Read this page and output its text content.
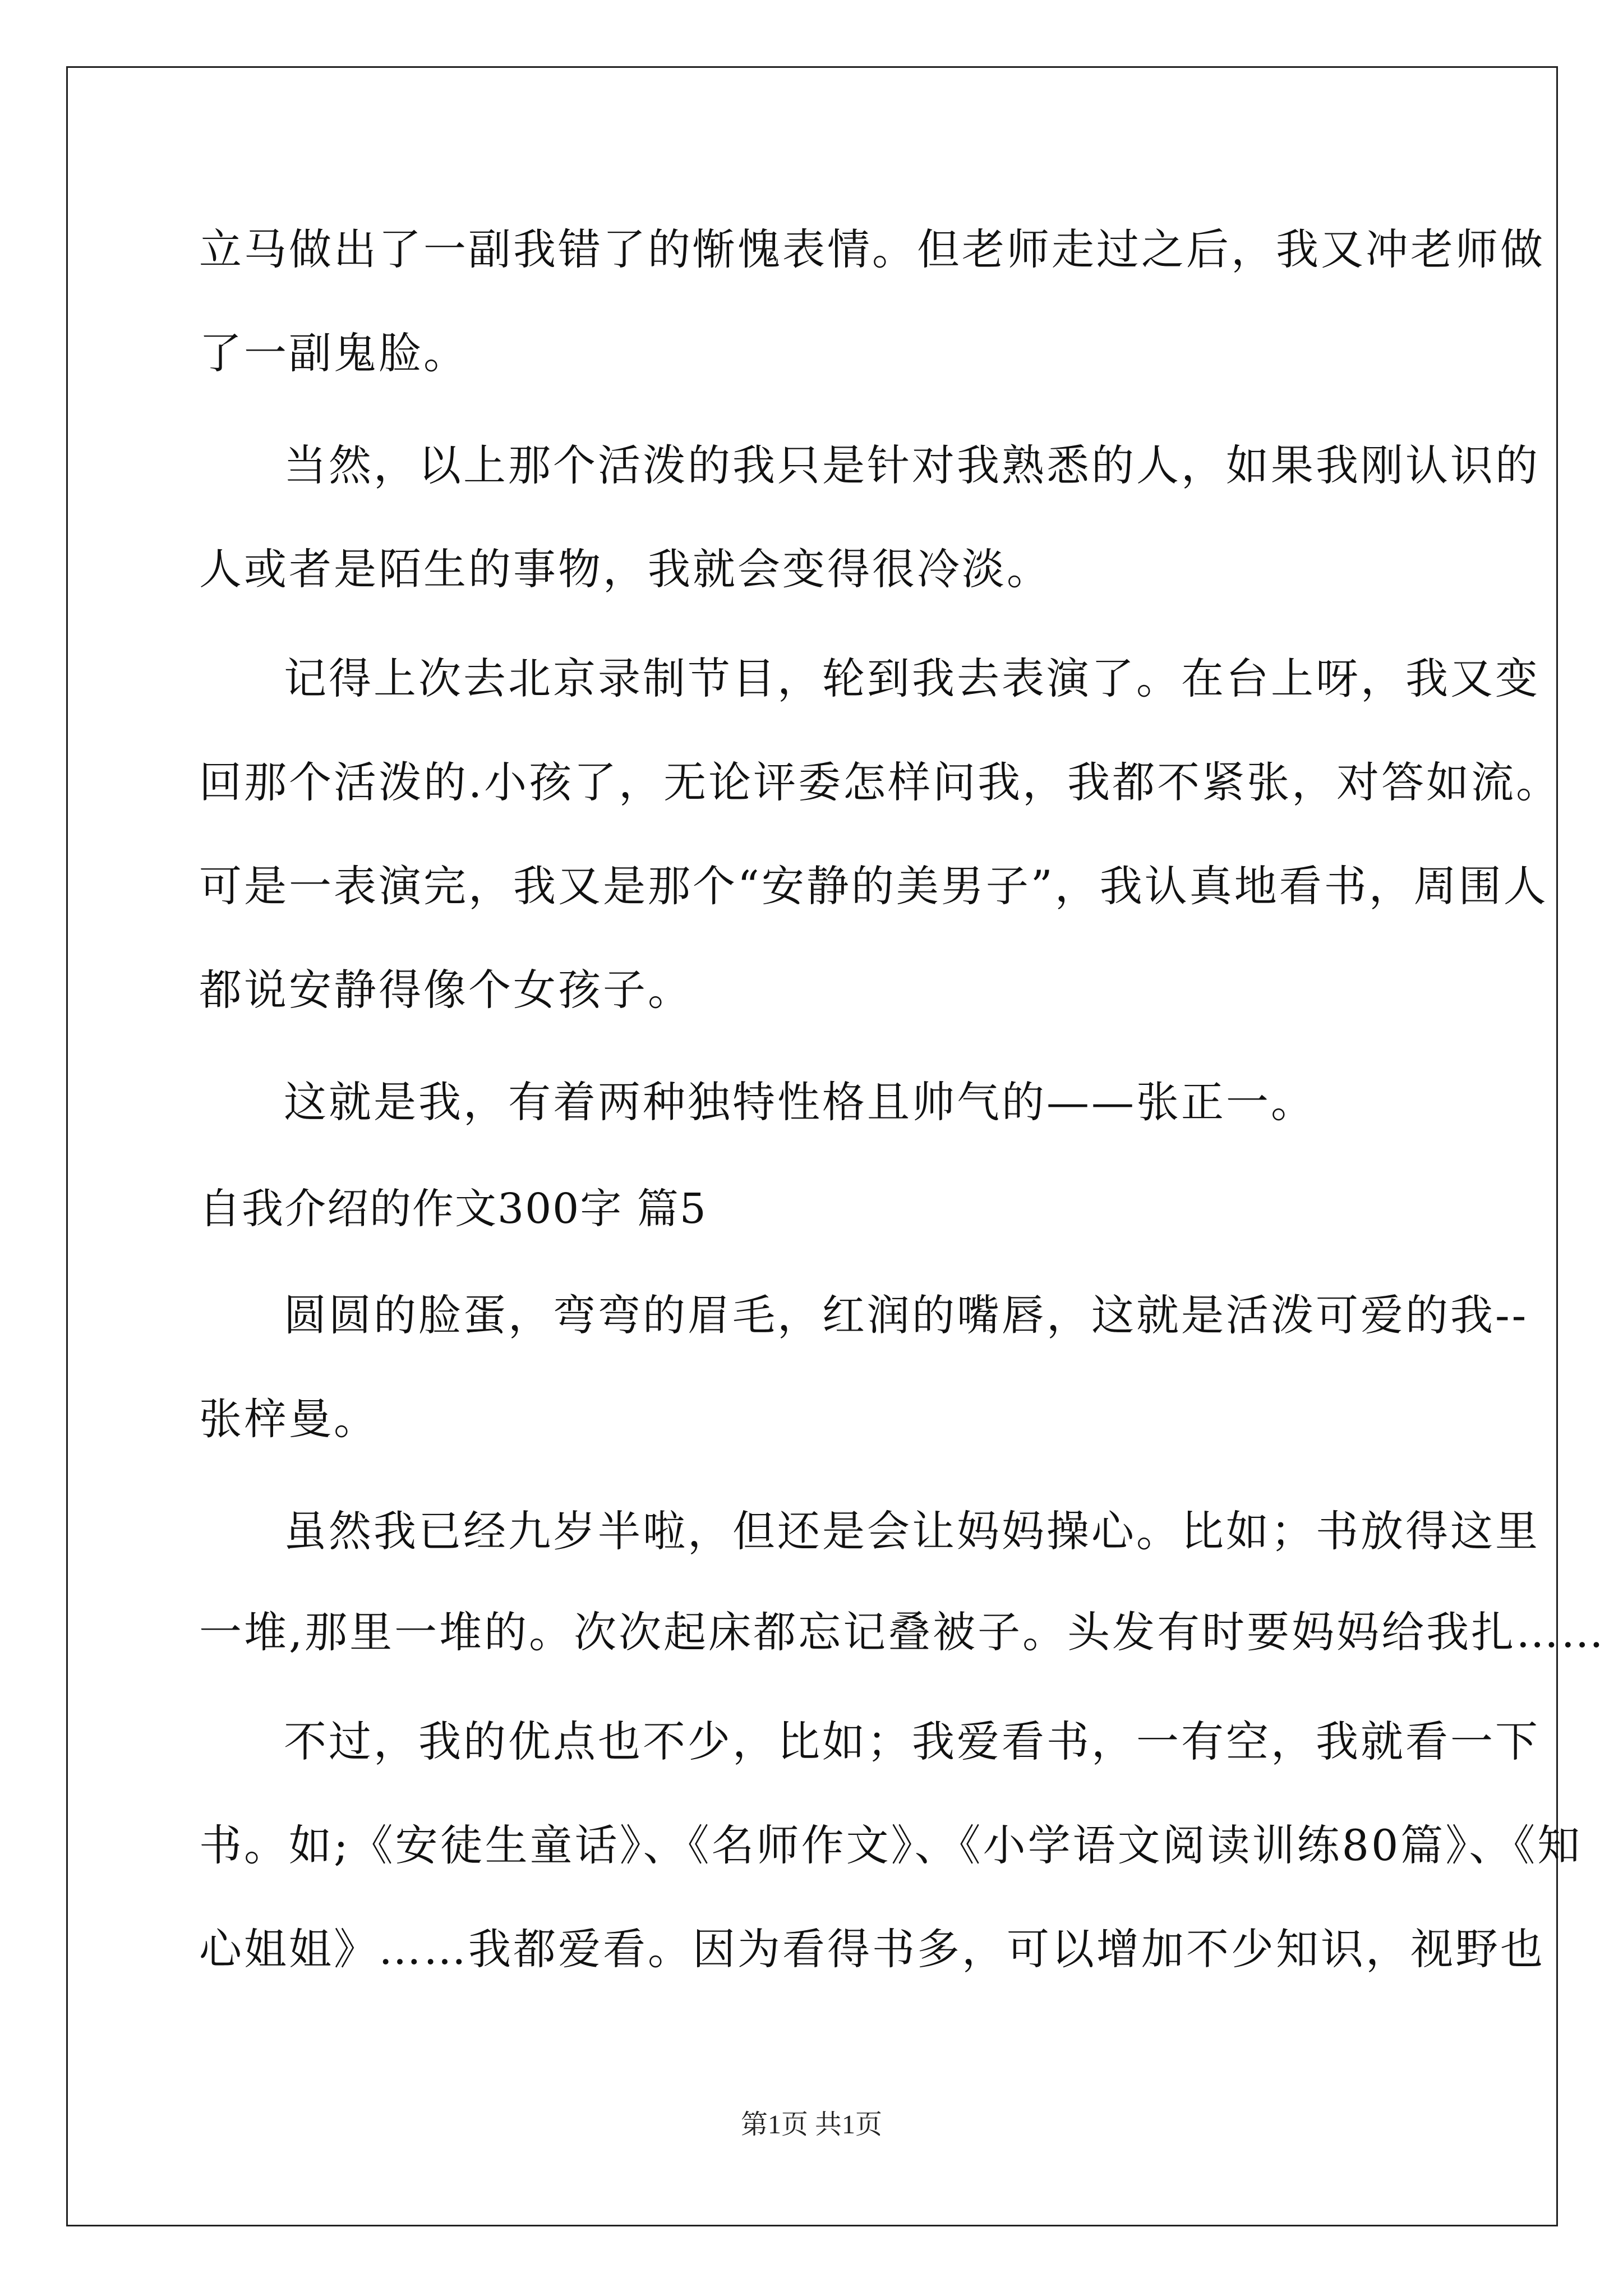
立马做出了一副我错了的惭愧表情。但老师走过之后，我又冲老师做

了一副鬼脸。

当然，以上那个活泼的我只是针对我熟悉的人，如果我刚认识的

人或者是陌生的事物，我就会变得很冷淡。

记得上次去北京录制节目，轮到我去表演了。在台上呀，我又变

回那个活泼的.小孩了，无论评委怎样问我，我都不紧张，对答如流。

可是一表演完，我又是那个“安静的美男子”，我认真地看书，周围人

都说安静得像个女孩子。

这就是我，有着两种独特性格且帅气的——张正一。

自我介绍的作文300字 篇5

圆圆的脸蛋，弯弯的眉毛，红润的嘴唇，这就是活泼可爱的我--

张梓曼。

虽然我已经九岁半啦，但还是会让妈妈操心。比如；书放得这里

一堆,那里一堆的。次次起床都忘记叠被子。头发有时要妈妈给我扎……

不过，我的优点也不少，比如；我爱看书，一有空，我就看一下

书。如;《安徒生童话》、《名师作文》、《小学语文阅读训练80篇》、《知

心姐姐》……我都爱看。因为看得书多，可以增加不少知识，视野也

第1页 共1页
